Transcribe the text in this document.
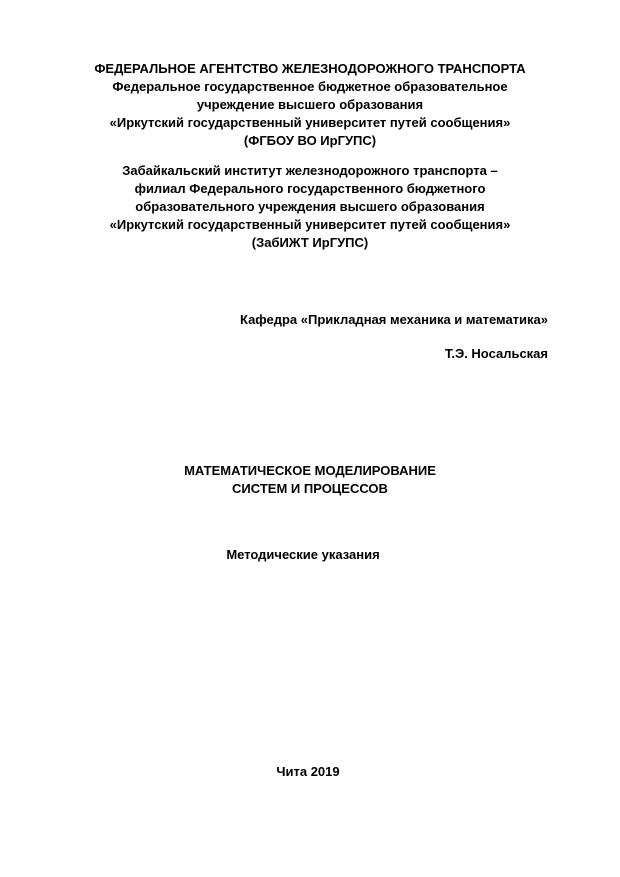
ФЕДЕРАЛЬНОЕ АГЕНТСТВО ЖЕЛЕЗНОДОРОЖНОГО ТРАНСПОРТА
Федеральное государственное бюджетное образовательное
учреждение высшего образования
«Иркутский государственный университет путей сообщения»
(ФГБОУ ВО ИрГУПС)
Забайкальский институт железнодорожного транспорта –
филиал Федерального государственного бюджетного
образовательного учреждения высшего образования
«Иркутский государственный университет путей сообщения»
(ЗабИЖТ ИрГУПС)
Кафедра «Прикладная механика и математика»
Т.Э. Носальская
МАТЕМАТИЧЕСКОЕ МОДЕЛИРОВАНИЕ
СИСТЕМ И ПРОЦЕССОВ
Методические указания
Чита 2019
